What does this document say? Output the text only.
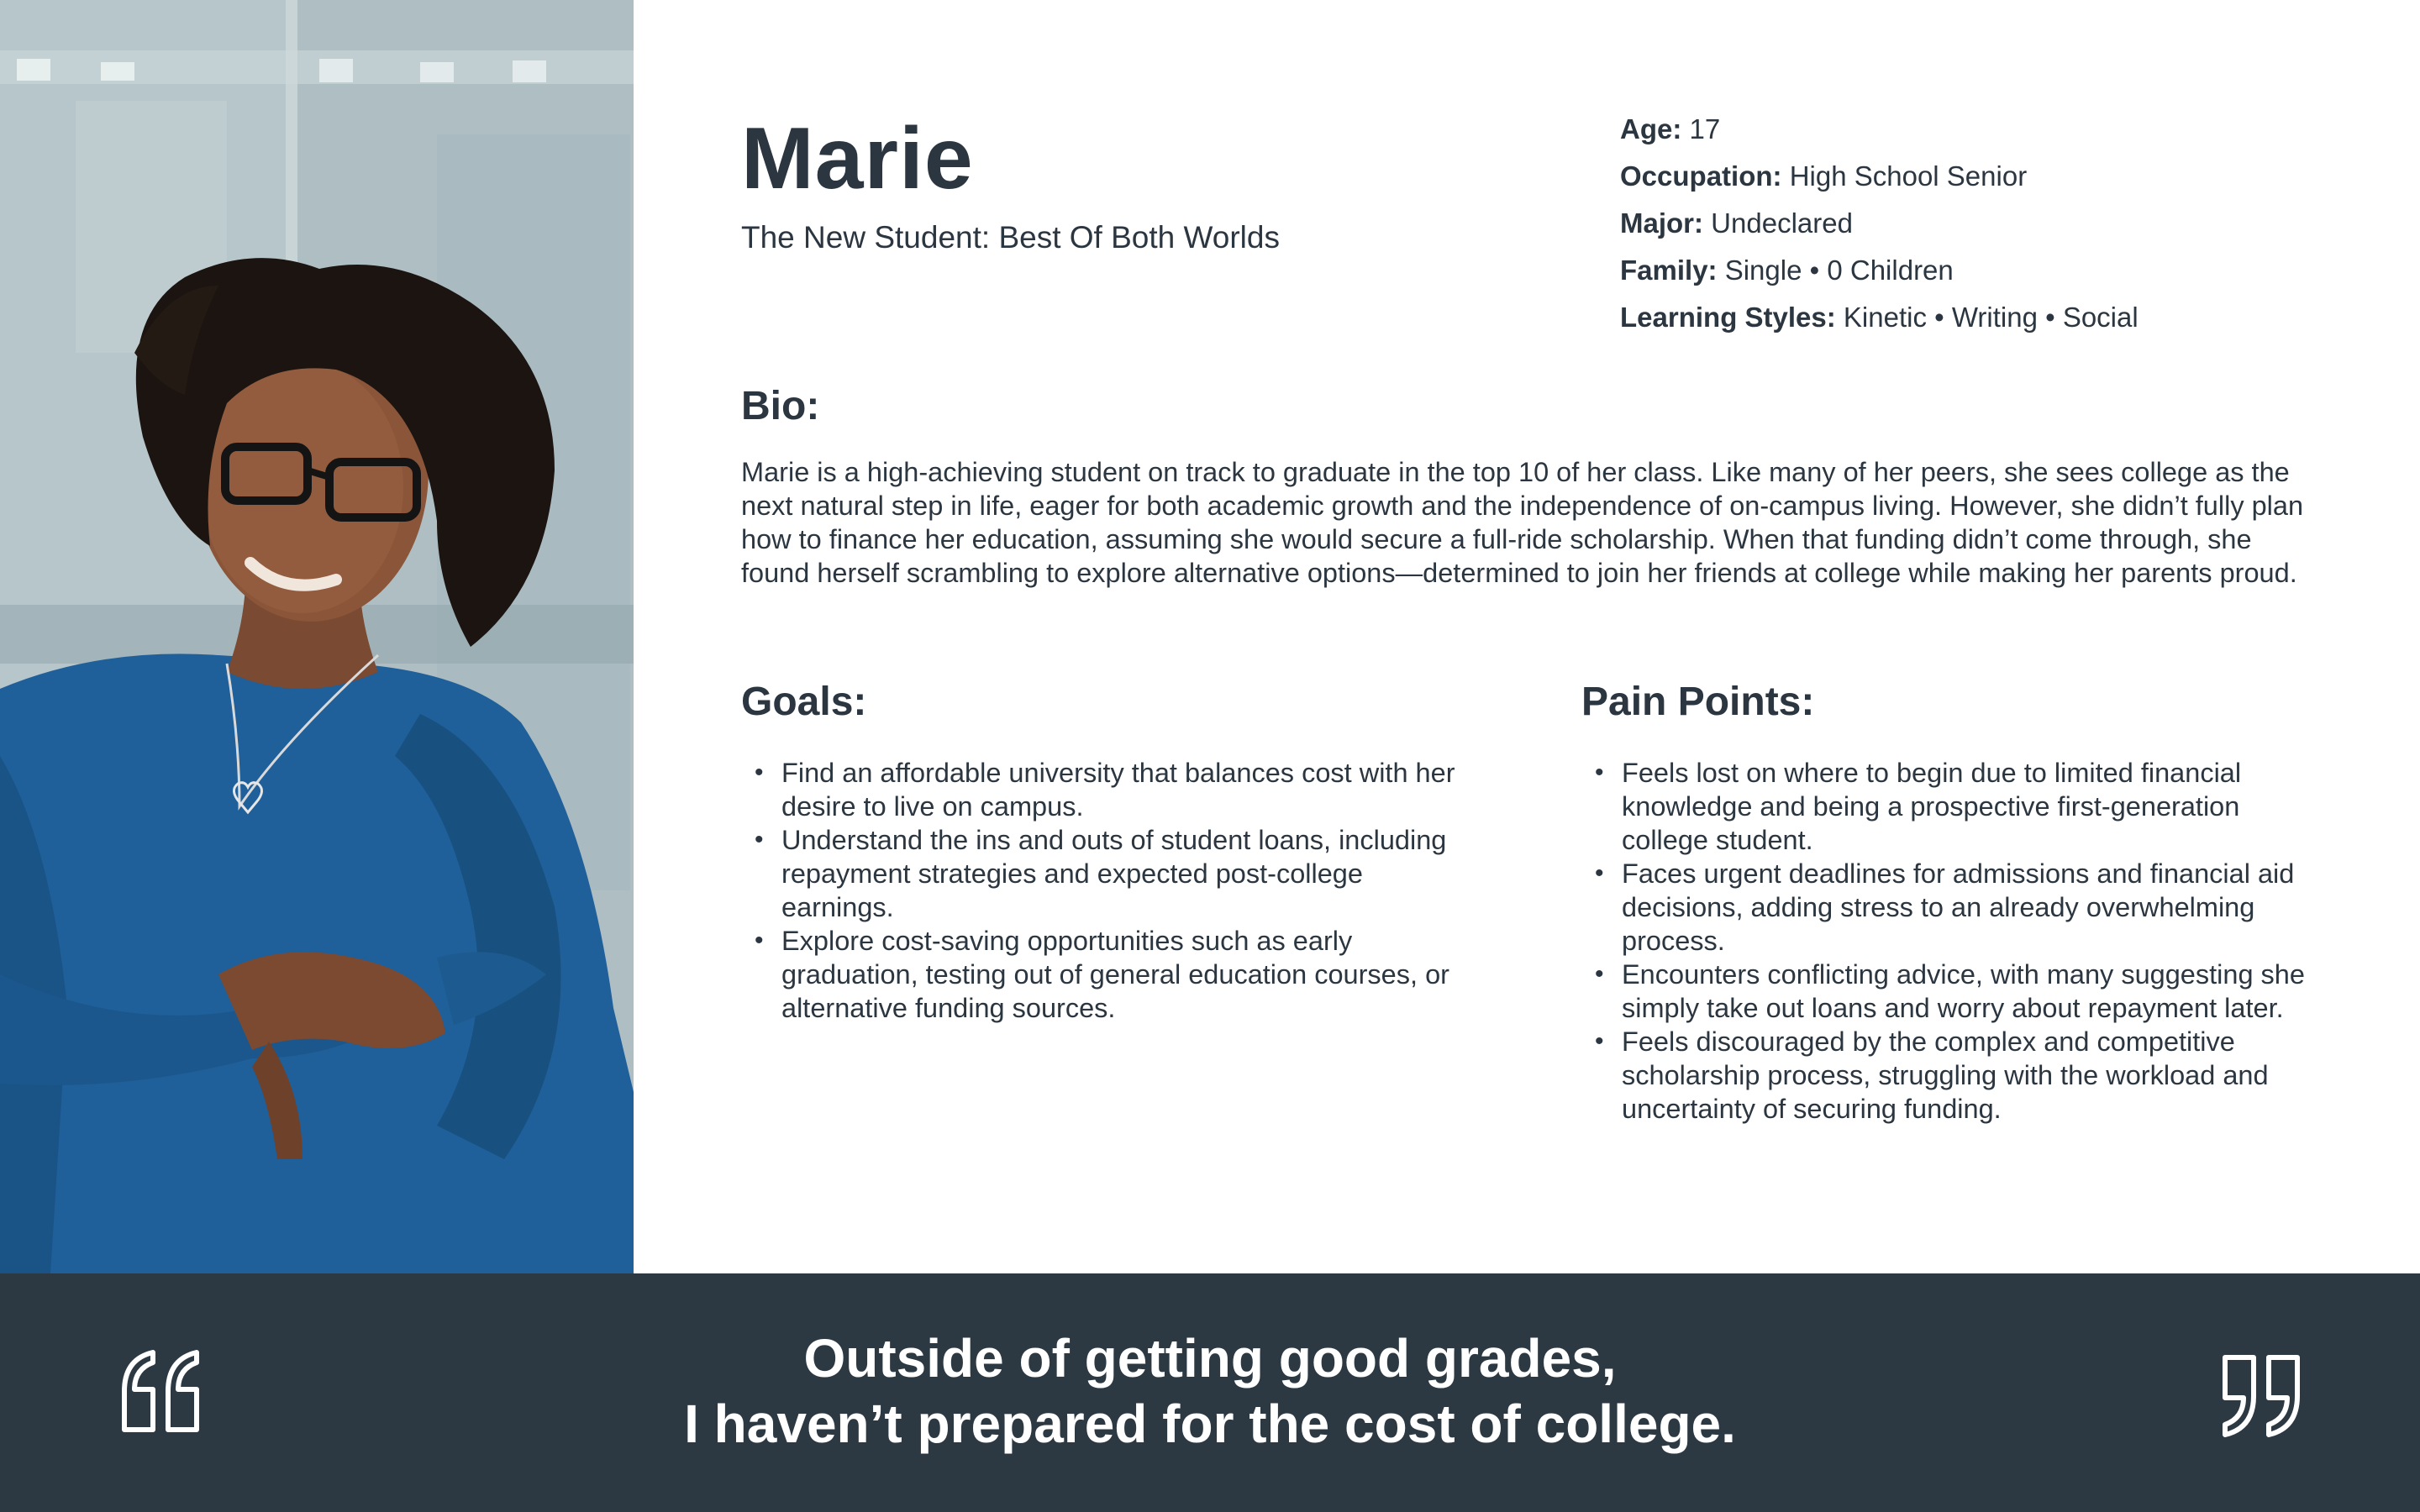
Marie
The New Student: Best Of Both Worlds
Age: 17
Occupation: High School Senior
Major: Undeclared
Family: Single • 0 Children
Learning Styles: Kinetic • Writing • Social
Bio:
Marie is a high-achieving student on track to graduate in the top 10 of her class. Like many of her peers, she sees college as the next natural step in life, eager for both academic growth and the independence of on-campus living. However, she didn’t fully plan how to finance her education, assuming she would secure a full-ride scholarship. When that funding didn’t come through, she found herself scrambling to explore alternative options—determined to join her friends at college while making her parents proud.
Goals:
• Find an affordable university that balances cost with her desire to live on campus.
• Understand the ins and outs of student loans, including repayment strategies and expected post-college earnings.
• Explore cost-saving opportunities such as early graduation, testing out of general education courses, or alternative funding sources.
Pain Points:
• Feels lost on where to begin due to limited financial knowledge and being a prospective first-generation college student.
• Faces urgent deadlines for admissions and financial aid decisions, adding stress to an already overwhelming process.
• Encounters conflicting advice, with many suggesting she simply take out loans and worry about repayment later.
• Feels discouraged by the complex and competitive scholarship process, struggling with the workload and uncertainty of securing funding.
Outside of getting good grades,
I haven’t prepared for the cost of college.
